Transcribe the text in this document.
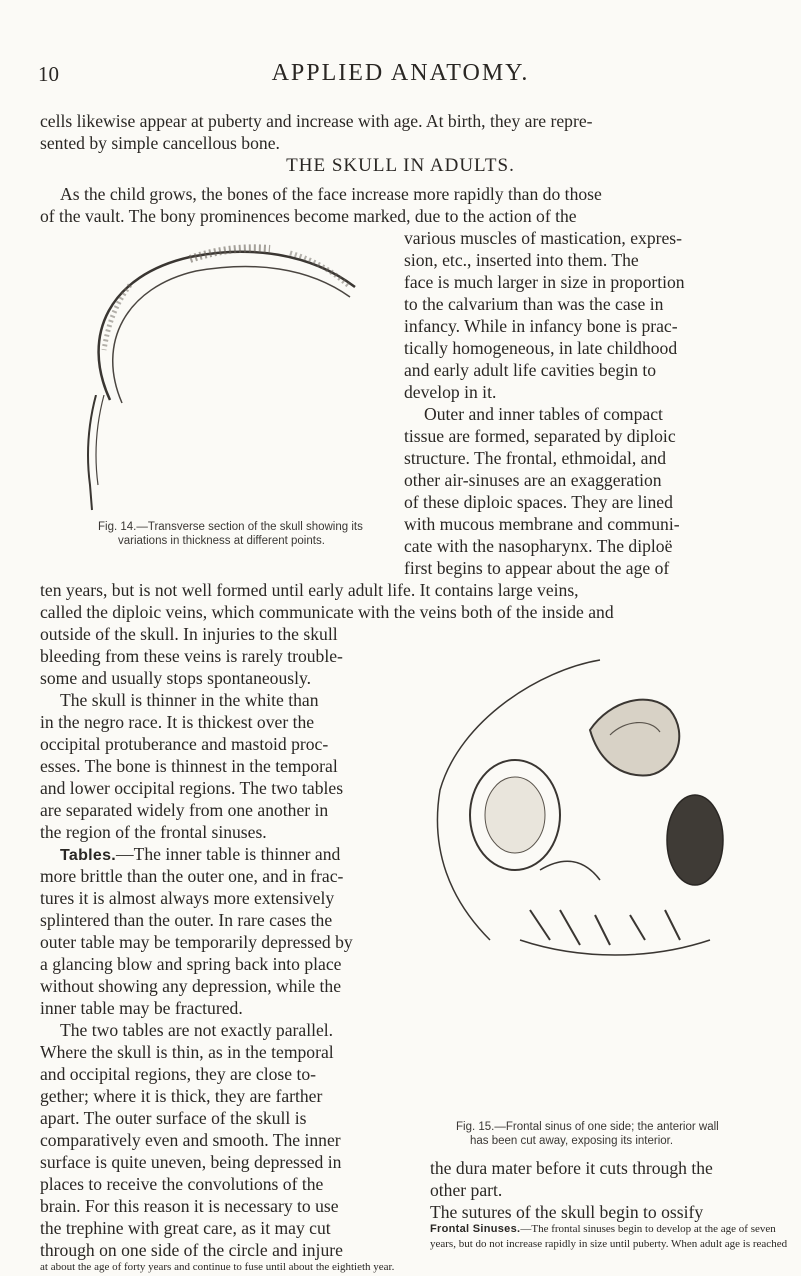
10	APPLIED ANATOMY.
cells likewise appear at puberty and increase with age. At birth, they are repre-
sented by simple cancellous bone.
THE SKULL IN ADULTS.
As the child grows, the bones of the face increase more rapidly than do those
of the vault. The bony prominences become marked, due to the action of the
various muscles of mastication, expres-
sion, etc., inserted into them. The
face is much larger in size in proportion
to the calvarium than was the case in
infancy. While in infancy bone is prac-
tically homogeneous, in late childhood
and early adult life cavities begin to
develop in it.
Outer and inner tables of compact
tissue are formed, separated by diploic
structure. The frontal, ethmoidal, and
other air-sinuses are an exaggeration
of these diploic spaces. They are lined
with mucous membrane and communi-
cate with the nasopharynx. The diploë
first begins to appear about the age of
Fig. 14.—Transverse section of the skull showing its
variations in thickness at different points.
ten years, but is not well formed until early adult life. It contains large veins,
called the diploic veins, which communicate with the veins both of the inside and
outside of the skull. In injuries to the skull
bleeding from these veins is rarely trouble-
some and usually stops spontaneously.
The skull is thinner in the white than
in the negro race. It is thickest over the
occipital protuberance and mastoid proc-
esses. The bone is thinnest in the temporal
and lower occipital regions. The two tables
are separated widely from one another in
the region of the frontal sinuses.
Tables.—The inner table is thinner and
more brittle than the outer one, and in frac-
tures it is almost always more extensively
splintered than the outer. In rare cases the
outer table may be temporarily depressed by
a glancing blow and spring back into place
without showing any depression, while the
inner table may be fractured.
The two tables are not exactly parallel.
Where the skull is thin, as in the temporal
and occipital regions, they are close to-
gether; where it is thick, they are farther
apart. The outer surface of the skull is
comparatively even and smooth. The inner
surface is quite uneven, being depressed in
places to receive the convolutions of the
brain. For this reason it is necessary to use
the trephine with great care, as it may cut
through on one side of the circle and injure
Fig. 15.—Frontal sinus of one side; the anterior wall
has been cut away, exposing its interior.
the dura mater before it cuts through the
other part.
The sutures of the skull begin to ossify
at about the age of forty years and continue to fuse until about the eightieth year.
Frontal Sinuses.—The frontal sinuses begin to develop at the age of seven
years, but do not increase rapidly in size until puberty. When adult age is reached
